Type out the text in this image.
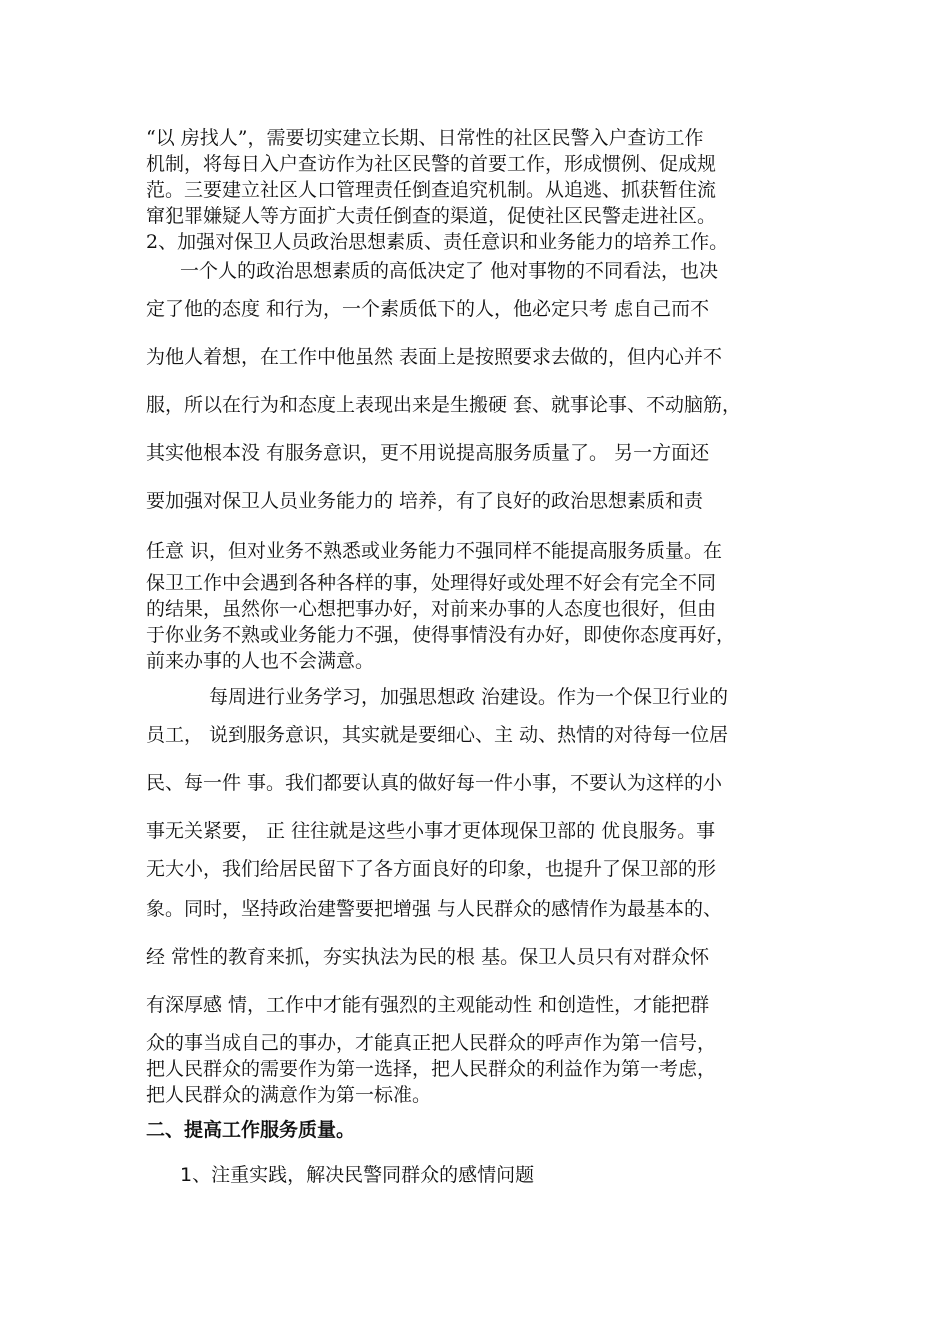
“以 房找人”，需要切实建立长期、日常性的社区民警入户查访工作
机制，将每日入户查访作为社区民警的首要工作，形成惯例、促成规
范。三要建立社区人口管理责任倒查追究机制。从追逃、抓获暂住流
窜犯罪嫌疑人等方面扩大责任倒查的渠道，促使社区民警走进社区。
2、加强对保卫人员政治思想素质、责任意识和业务能力的培养工作。
一个人的政治思想素质的高低决定了 他对事物的不同看法，也决
定了他的态度 和行为，一个素质低下的人，他必定只考 虑自己而不
为他人着想，在工作中他虽然 表面上是按照要求去做的，但内心并不
服，所以在行为和态度上表现出来是生搬硬 套、就事论事、不动脑筋，
其实他根本没 有服务意识，更不用说提高服务质量了。 另一方面还
要加强对保卫人员业务能力的 培养，有了良好的政治思想素质和责
任意 识，但对业务不熟悉或业务能力不强同样不能提高服务质量。在
保卫工作中会遇到各种各样的事，处理得好或处理不好会有完全不同
的结果，虽然你一心想把事办好，对前来办事的人态度也很好，但由
于你业务不熟或业务能力不强，使得事情没有办好，即使你态度再好，
前来办事的人也不会满意。
每周进行业务学习，加强思想政 治建设。作为一个保卫行业的
员工， 说到服务意识，其实就是要细心、主 动、热情的对待每一位居
民、每一件 事。我们都要认真的做好每一件小事，不要认为这样的小
事无关紧要， 正 往往就是这些小事才更体现保卫部的 优良服务。事
无大小，我们给居民留下了各方面良好的印象，也提升了保卫部的形
象。同时，坚持政治建警要把增强 与人民群众的感情作为最基本的、
经 常性的教育来抓，夯实执法为民的根 基。保卫人员只有对群众怀
有深厚感 情，工作中才能有强烈的主观能动性 和创造性，才能把群
众的事当成自己的事办，才能真正把人民群众的呼声作为第一信号，
把人民群众的需要作为第一选择，把人民群众的利益作为第一考虑，
把人民群众的满意作为第一标准。
二、提高工作服务质量。
1、注重实践，解决民警同群众的感情问题
